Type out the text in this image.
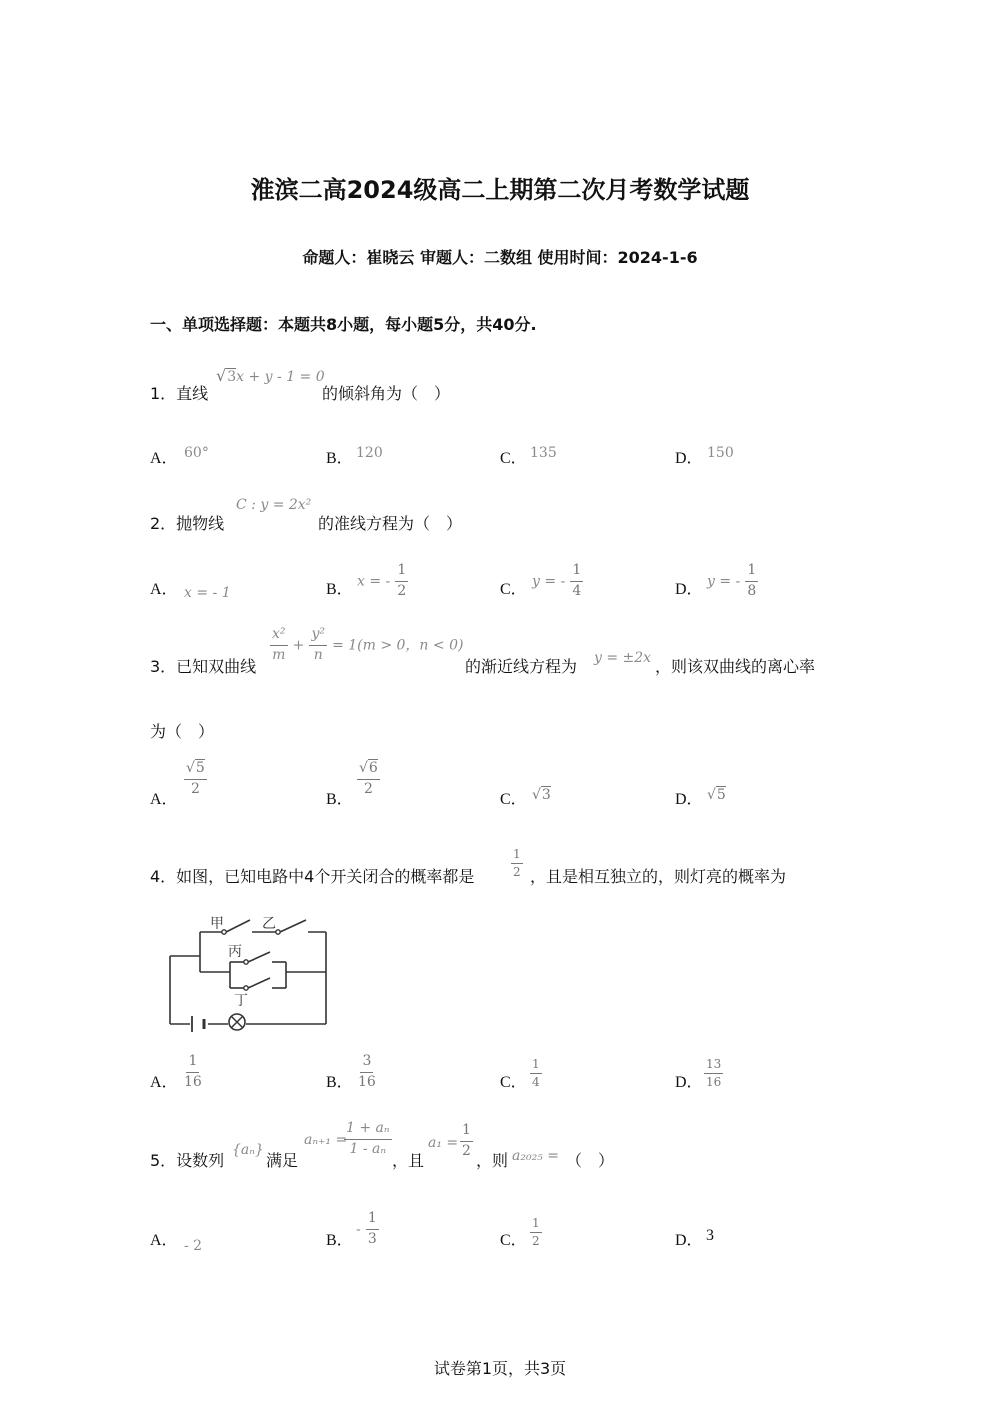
淮滨二高2024级高二上期第二次月考数学试题
命题人：崔晓云 审题人：二数组 使用时间：2024-1-6
一、单项选择题：本题共8小题，每小题5分，共40分.
1．直线
√3x + y - 1 = 0
的倾斜角为（　）
A． 60°	B． 120	C． 135	D． 150
2．抛物线
C : y = 2x²
的准线方程为（　）
A． x = - 1	B． x = - $\frac{1}{2}$	C． y = - $\frac{1}{4}$	D． y = - $\frac{1}{8}$
3．已知双曲线
$\frac{\text{x²}}{m} + \frac{\text{y²}}{n} = 1(m > 0$，n < 0)
的渐近线方程为 y = ±2x ，则该双曲线的离心率
为（　）
A．
$\frac{√5}{2}$
B．
$\frac{√6}{2}$
C． √3	D． √5
4．如图，已知电路中4个开关闭合的概率都是	$\frac{1}{2}$ ，且是相互独立的，则灯亮的概率为
甲	乙
丙
丁
A． $\frac{1}{16}$	B． $\frac{3}{16}$	C． $\frac{1}{4}$	D． $\frac{13}{16}$
5．设数列
{aₙ}
满足
aₙ₊₁ =
$\frac{\text{1 + aₙ}}{\text{1 - aₙ}}$
，且
$a_1 = \frac{1}{2}$
，则 a₂₀₂₅ = （　）
A． - 2	B．
- $\frac{1}{3}$	C． $\frac{1}{2}$	D． 3
试卷第1页，共3页
